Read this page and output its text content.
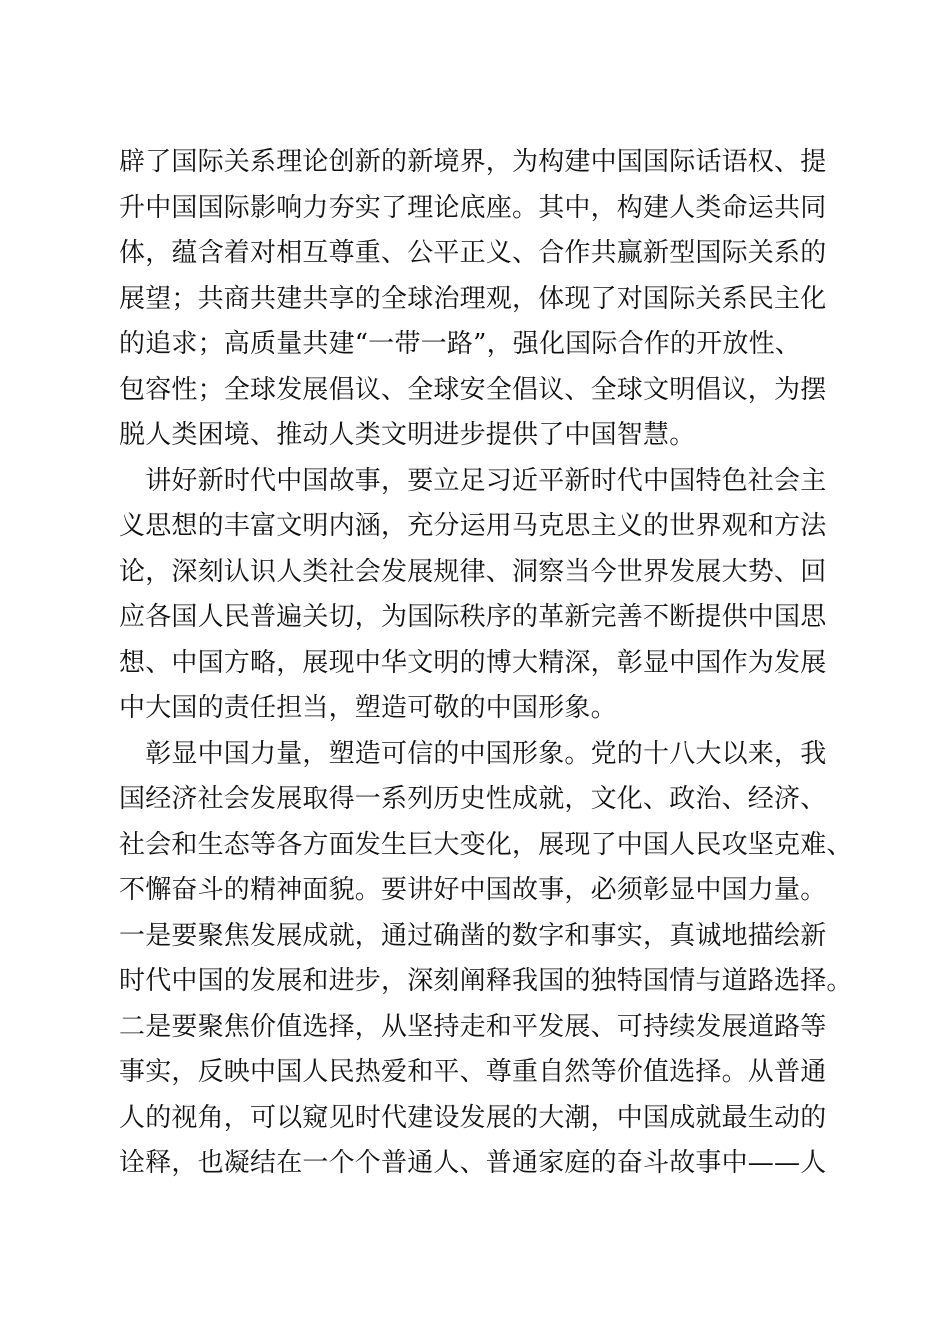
辟了国际关系理论创新的新境界，为构建中国国际话语权、提
升中国国际影响力夯实了理论底座。其中，构建人类命运共同
体，蕴含着对相互尊重、公平正义、合作共赢新型国际关系的
展望；共商共建共享的全球治理观，体现了对国际关系民主化
的追求；高质量共建“一带一路”，强化国际合作的开放性、
包容性；全球发展倡议、全球安全倡议、全球文明倡议，为摆
脱人类困境、推动人类文明进步提供了中国智慧。
　讲好新时代中国故事，要立足习近平新时代中国特色社会主
义思想的丰富文明内涵，充分运用马克思主义的世界观和方法
论，深刻认识人类社会发展规律、洞察当今世界发展大势、回
应各国人民普遍关切，为国际秩序的革新完善不断提供中国思
想、中国方略，展现中华文明的博大精深，彰显中国作为发展
中大国的责任担当，塑造可敬的中国形象。
　彰显中国力量，塑造可信的中国形象。党的十八大以来，我
国经济社会发展取得一系列历史性成就，文化、政治、经济、
社会和生态等各方面发生巨大变化，展现了中国人民攻坚克难、
不懈奋斗的精神面貌。要讲好中国故事，必须彰显中国力量。
一是要聚焦发展成就，通过确凿的数字和事实，真诚地描绘新
时代中国的发展和进步，深刻阐释我国的独特国情与道路选择。
二是要聚焦价值选择，从坚持走和平发展、可持续发展道路等
事实，反映中国人民热爱和平、尊重自然等价值选择。从普通
人的视角，可以窥见时代建设发展的大潮，中国成就最生动的
诠释，也凝结在一个个普通人、普通家庭的奋斗故事中——人
